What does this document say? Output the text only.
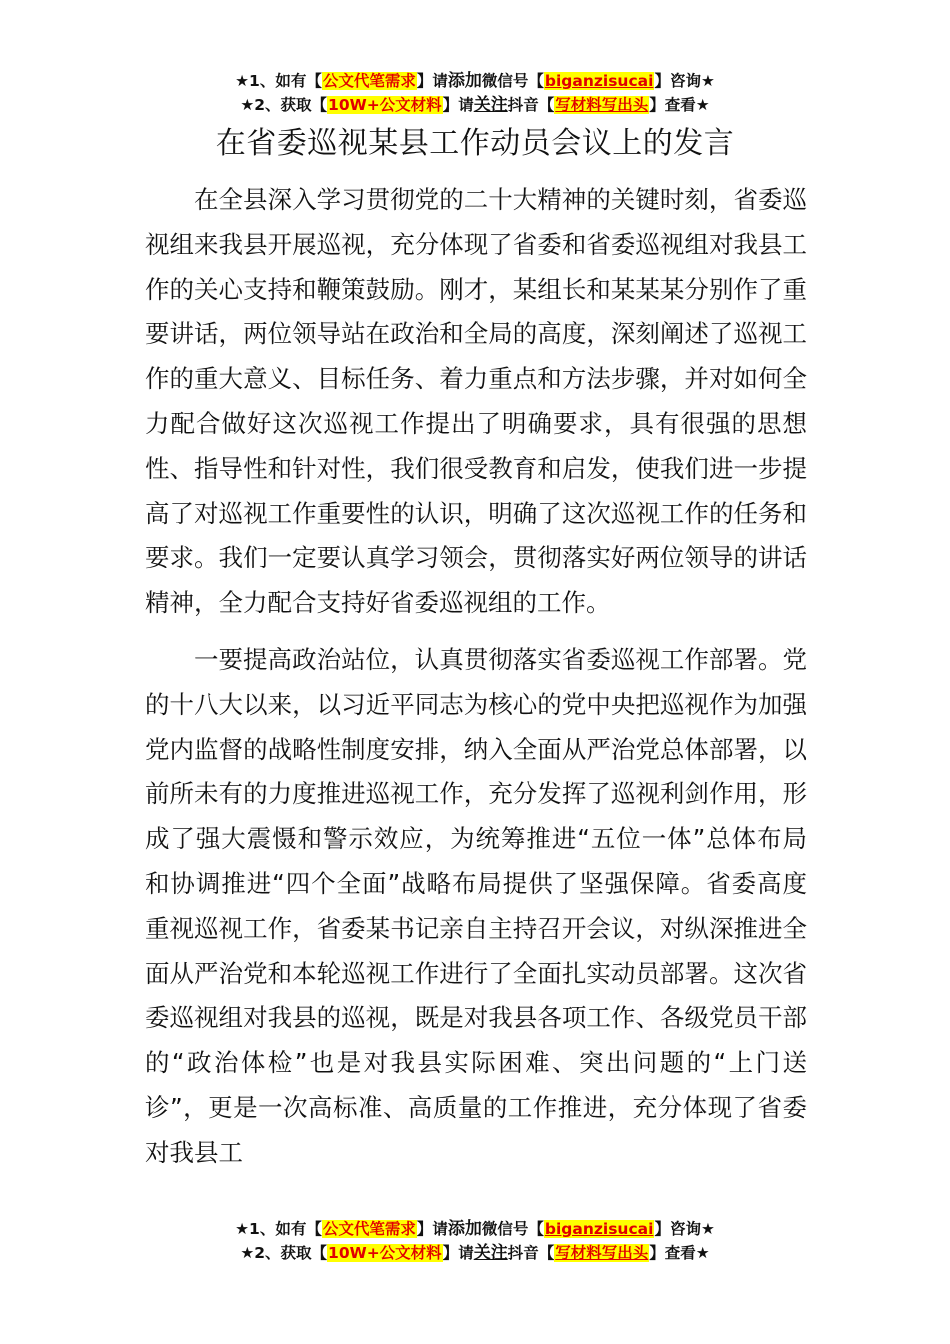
★1、如有【公文代笔需求】请添加微信号【biganzisucai】咨询★
★2、获取【10W+公文材料】请关注抖音【写材料写出头】查看★
在省委巡视某县工作动员会议上的发言

在全县深入学习贯彻党的二十大精神的关键时刻，省委巡视组来我县开展巡视，充分体现了省委和省委巡视组对我县工作的关心支持和鞭策鼓励。刚才，某组长和某某某分别作了重要讲话，两位领导站在政治和全局的高度，深刻阐述了巡视工作的重大意义、目标任务、着力重点和方法步骤，并对如何全力配合做好这次巡视工作提出了明确要求，具有很强的思想性、指导性和针对性，我们很受教育和启发，使我们进一步提高了对巡视工作重要性的认识，明确了这次巡视工作的任务和要求。我们一定要认真学习领会，贯彻落实好两位领导的讲话精神，全力配合支持好省委巡视组的工作。

一要提高政治站位，认真贯彻落实省委巡视工作部署。党的十八大以来，以习近平同志为核心的党中央把巡视作为加强党内监督的战略性制度安排，纳入全面从严治党总体部署，以前所未有的力度推进巡视工作，充分发挥了巡视利剑作用，形成了强大震慑和警示效应，为统筹推进“五位一体”总体布局和协调推进“四个全面”战略布局提供了坚强保障。省委高度重视巡视工作，省委某书记亲自主持召开会议，对纵深推进全面从严治党和本轮巡视工作进行了全面扎实动员部署。这次省委巡视组对我县的巡视，既是对我县各项工作、各级党员干部的“政治体检”也是对我县实际困难、突出问题的“上门送诊”，更是一次高标准、高质量的工作推进，充分体现了省委对我县工

★1、如有【公文代笔需求】请添加微信号【biganzisucai】咨询★
★2、获取【10W+公文材料】请关注抖音【写材料写出头】查看★
